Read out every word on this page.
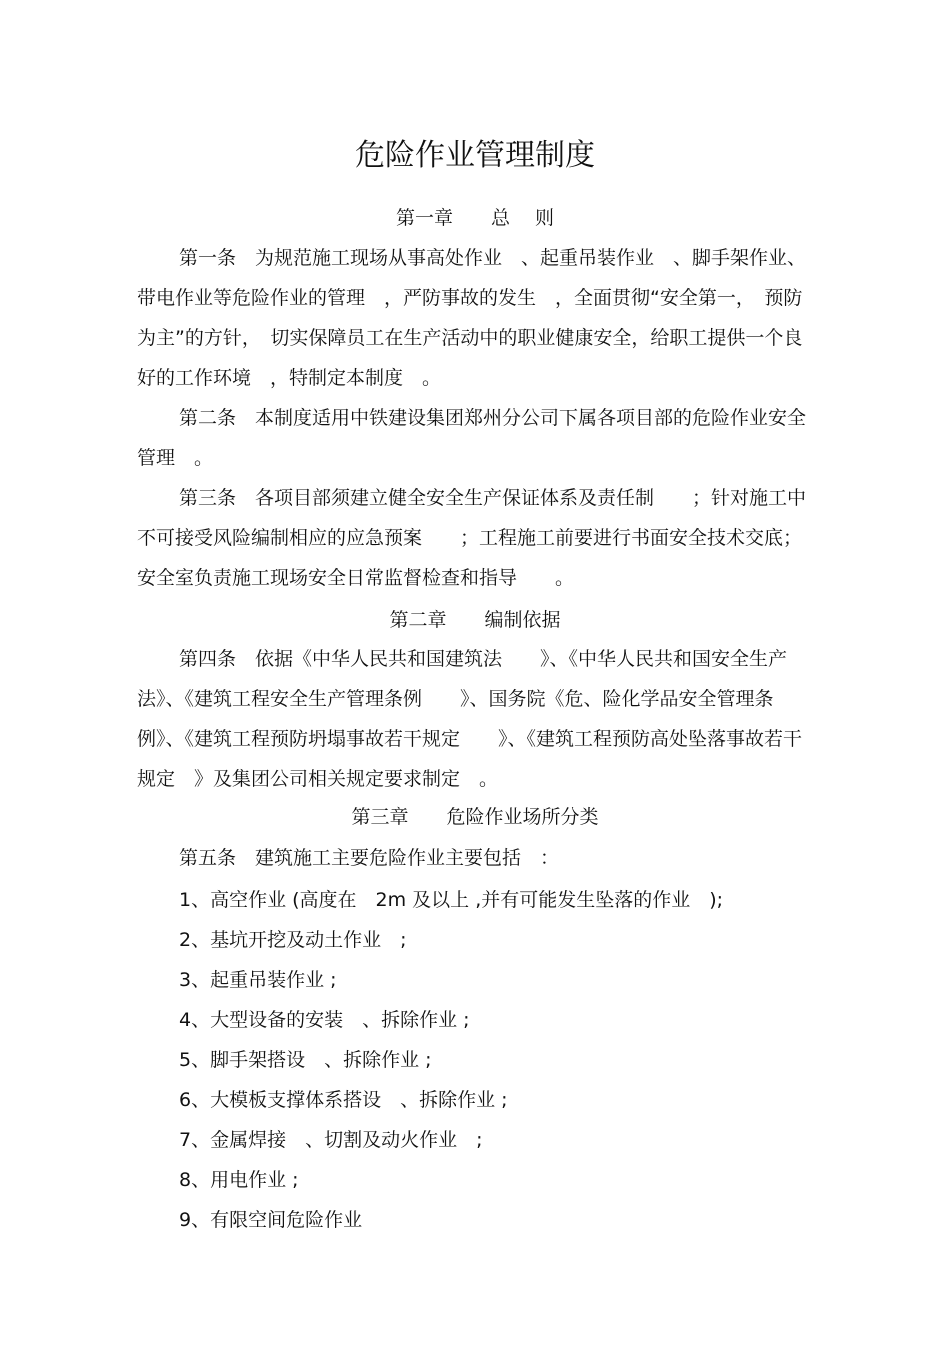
危险作业管理制度
第一章　　总　 则
第一条　为规范施工现场从事高处作业　、起重吊装作业　、脚手架作业、带电作业等危险作业的管理　，严防事故的发生　，全面贯彻“安全第一，　预防为主”的方针，　切实保障员工在生产活动中的职业健康安全，给职工提供一个良好的工作环境　，特制定本制度　。
第二条　本制度适用中铁建设集团郑州分公司下属各项目部的危险作业安全管理　。
第三条　各项目部须建立健全安全生产保证体系及责任制　　；针对施工中不可接受风险编制相应的应急预案　　；工程施工前要进行书面安全技术交底；安全室负责施工现场安全日常监督检查和指导　　。
第二章　　编制依据
第四条　依据《中华人民共和国建筑法　　》、《中华人民共和国安全生产法》、《建筑工程安全生产管理条例　　》、国务院《危、险化学品安全管理条例》、《建筑工程预防坍塌事故若干规定　　》、《建筑工程预防高处坠落事故若干规定　》及集团公司相关规定要求制定　。
第三章　　危险作业场所分类
第五条　建筑施工主要危险作业主要包括　：
1、高空作业 (高度在　2m 及以上 ,并有可能发生坠落的作业　);
2、基坑开挖及动土作业　;
3、起重吊装作业 ;
4、大型设备的安装　、拆除作业 ;
5、脚手架搭设　、拆除作业 ;
6、大模板支撑体系搭设　、拆除作业 ;
7、金属焊接　、切割及动火作业　;
8、用电作业 ;
9、有限空间危险作业
